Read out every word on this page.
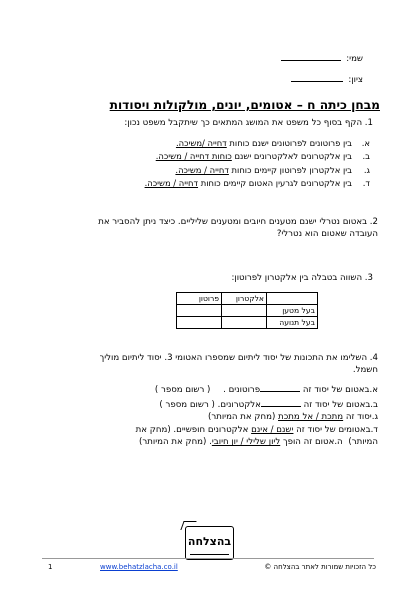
שמי:
ציון:
מבחן כיתה ח – אטומים, יונים, מולקולות ויסודות
1. הקף בסוף כל משפט את המושג המתאים כך שיתקבל משפט נכון:
א.בין פרוטונים לפרוטונים ישנם כוחות דחייה /משיכה.
ב.בין אלקטרונים לאלקטרונים ישנם כוחות דחייה / משיכה.
ג.בין אלקטרון לפרוטון קיימים כוחות דחייה / משיכה.
ד.בין אלקטרונים לגרעין האטום קיימים כוחות דחייה / משיכה.
2. באטום נטרלי ישנם מטענים חיובים ומטענים שליליים. כיצד ניתן להסביר את
העובדה שאטום הוא נטרלי?
3. השווה בטבלה בין אלקטרון לפרוטון:
	אלקטרון	פרוטון
בעל מטען		
בעל תנועה		
4. השלימו את התכונות של יסוד ליתיום שמספרו האטומי 3. יסוד ליתיום מוליך
חשמל.
א.באטום של יסוד זה פרוטונים . ( רשום מספר )
ב.באטום של יסוד זה אלקטרונים. ( רשום מספר )
ג.יסוד זה מתכת / אל מתכת (מחק את המיותר)
ד.באטומים של יסוד זה ישנם / אינם אלקטרונים חופשיים. (מחק את
המיותר) ה.אטום זה הופך ליון שלילי / יון חיובי. (מחק את המיותר)
בהצלחה
כל הזכויות שמורות לאתר בהצלחה ©
www.behatzlacha.co.il
1
